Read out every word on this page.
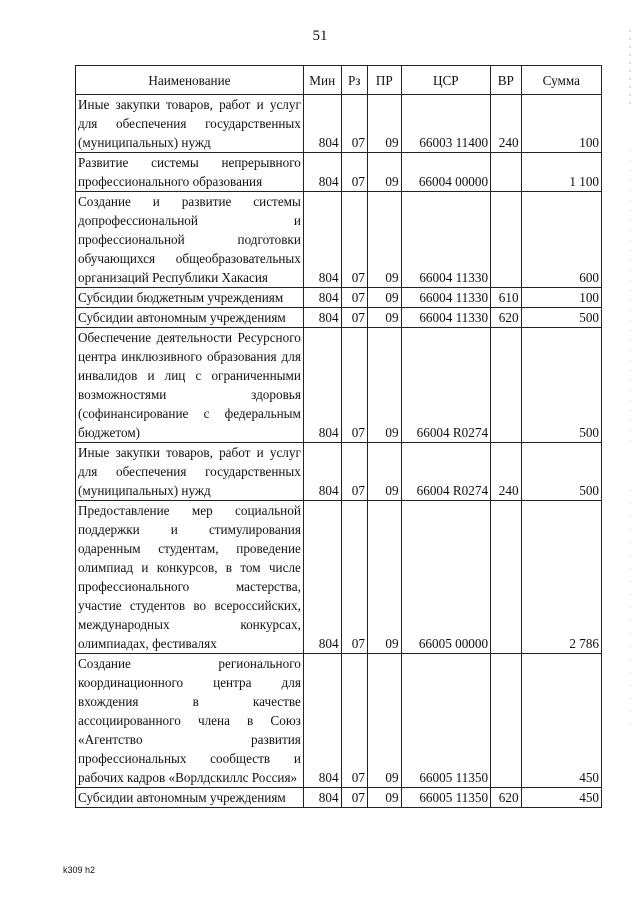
51
Наименование	Мин	Рз	ПР	ЦСР	ВР	Сумма
Иные закупки товаров, работ и услуг для обеспечения государственных (муниципальных) нужд	804	07	09	66003 11400	240	100
Развитие системы непрерывного профессионального образования	804	07	09	66004 00000		1 100
Создание и развитие системы допрофессиональной и профессиональной подготовки обучающихся общеобразовательных организаций Республики Хакасия	804	07	09	66004 11330		600
Субсидии бюджетным учреждениям	804	07	09	66004 11330	610	100
Субсидии автономным учреждениям	804	07	09	66004 11330	620	500
Обеспечение деятельности Ресурсного центра инклюзивного образования для инвалидов и лиц с ограниченными возможностями здоровья (софинансирование с федеральным бюджетом)	804	07	09	66004 R0274		500
Иные закупки товаров, работ и услуг для обеспечения государственных (муниципальных) нужд	804	07	09	66004 R0274	240	500
Предоставление мер социальной поддержки и стимулирования одаренным студентам, проведение олимпиад и конкурсов, в том числе профессионального мастерства, участие студентов во всероссийских, международных конкурсах, олимпиадах, фестивалях	804	07	09	66005 00000		2 786
Создание регионального координационного центра для вхождения в качестве ассоциированного члена в Союз «Агентство развития профессиональных сообществ и рабочих кадров «Ворлдскиллс Россия»	804	07	09	66005 11350		450
Субсидии автономным учреждениям	804	07	09	66005 11350	620	450
k309 h2
